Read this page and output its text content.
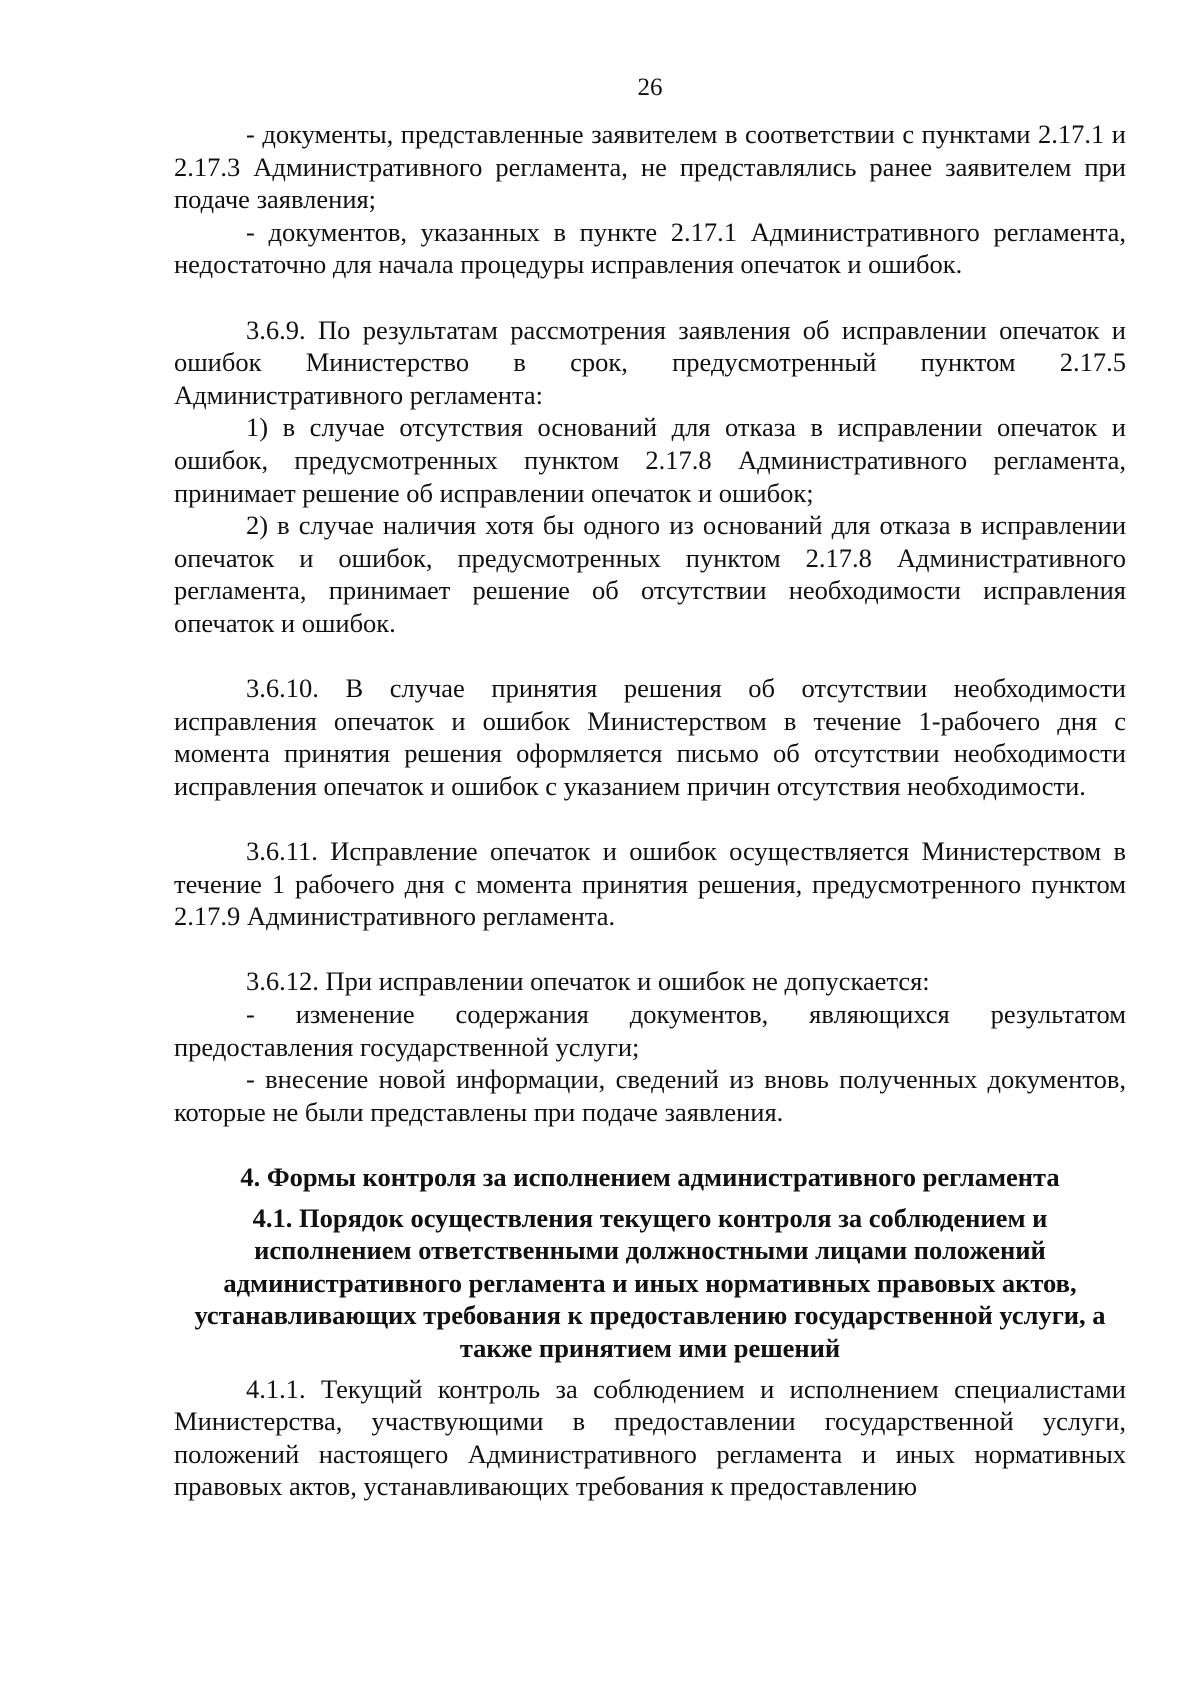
26

- документы, представленные заявителем в соответствии с пунктами 2.17.1 и 2.17.3 Административного регламента, не представлялись ранее заявителем при подаче заявления;

- документов, указанных в пункте 2.17.1 Административного регламента, недостаточно для начала процедуры исправления опечаток и ошибок.

3.6.9. По результатам рассмотрения заявления об исправлении опечаток и ошибок Министерство в срок, предусмотренный пунктом 2.17.5 Административного регламента:

1) в случае отсутствия оснований для отказа в исправлении опечаток и ошибок, предусмотренных пунктом 2.17.8 Административного регламента, принимает решение об исправлении опечаток и ошибок;

2) в случае наличия хотя бы одного из оснований для отказа в исправлении опечаток и ошибок, предусмотренных пунктом 2.17.8 Административного регламента, принимает решение об отсутствии необходимости исправления опечаток и ошибок.

3.6.10. В случае принятия решения об отсутствии необходимости исправления опечаток и ошибок Министерством в течение 1-рабочего дня с момента принятия решения оформляется письмо об отсутствии необходимости исправления опечаток и ошибок с указанием причин отсутствия необходимости.

3.6.11. Исправление опечаток и ошибок осуществляется Министерством в течение 1 рабочего дня с момента принятия решения, предусмотренного пунктом 2.17.9 Административного регламента.

3.6.12. При исправлении опечаток и ошибок не допускается:

- изменение содержания документов, являющихся результатом предоставления государственной услуги;

- внесение новой информации, сведений из вновь полученных документов, которые не были представлены при подаче заявления.

4. Формы контроля за исполнением административного регламента
4.1. Порядок осуществления текущего контроля за соблюдением и исполнением ответственными должностными лицами положений административного регламента и иных нормативных правовых актов, устанавливающих требования к предоставлению государственной услуги, а также принятием ими решений

4.1.1. Текущий контроль за соблюдением и исполнением специалистами Министерства, участвующими в предоставлении государственной услуги, положений настоящего Административного регламента и иных нормативных правовых актов, устанавливающих требования к предоставлению
